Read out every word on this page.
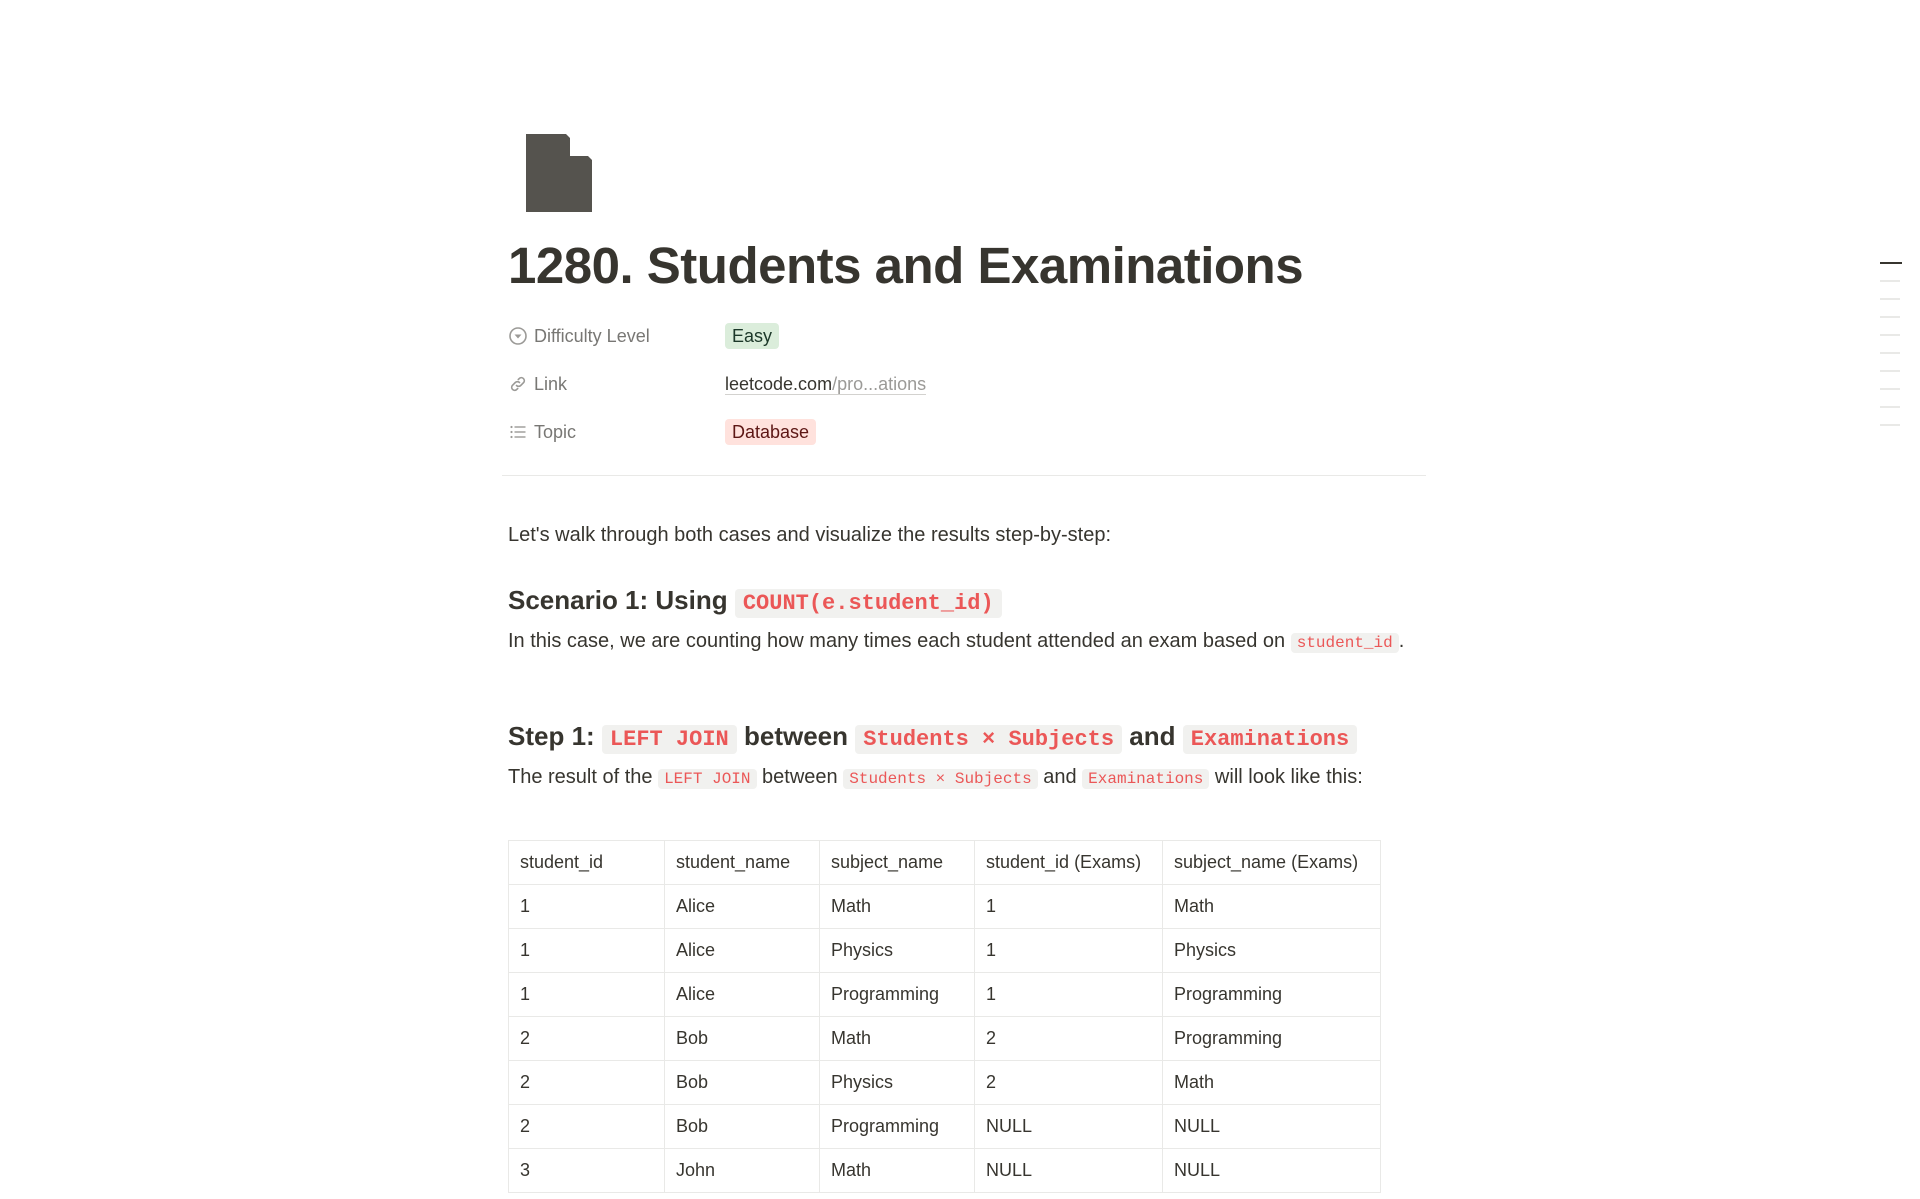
1280. Students and Examinations
Difficulty Level	Easy
Link	leetcode.com/pro...ations
Topic	Database

Let's walk through both cases and visualize the results step-by-step:

Scenario 1: Using COUNT(e.student_id)

In this case, we are counting how many times each student attended an exam based on student_id .

Step 1: LEFT JOIN between Students × Subjects and Examinations

The result of the LEFT JOIN between Students × Subjects and Examinations will look like this:

student_id	student_name	subject_name	student_id (Exams)	subject_name (Exams)
1	Alice	Math	1	Math
1	Alice	Physics	1	Physics
1	Alice	Programming	1	Programming
2	Bob	Math	2	Programming
2	Bob	Physics	2	Math
2	Bob	Programming	NULL	NULL
3	John	Math	NULL	NULL
